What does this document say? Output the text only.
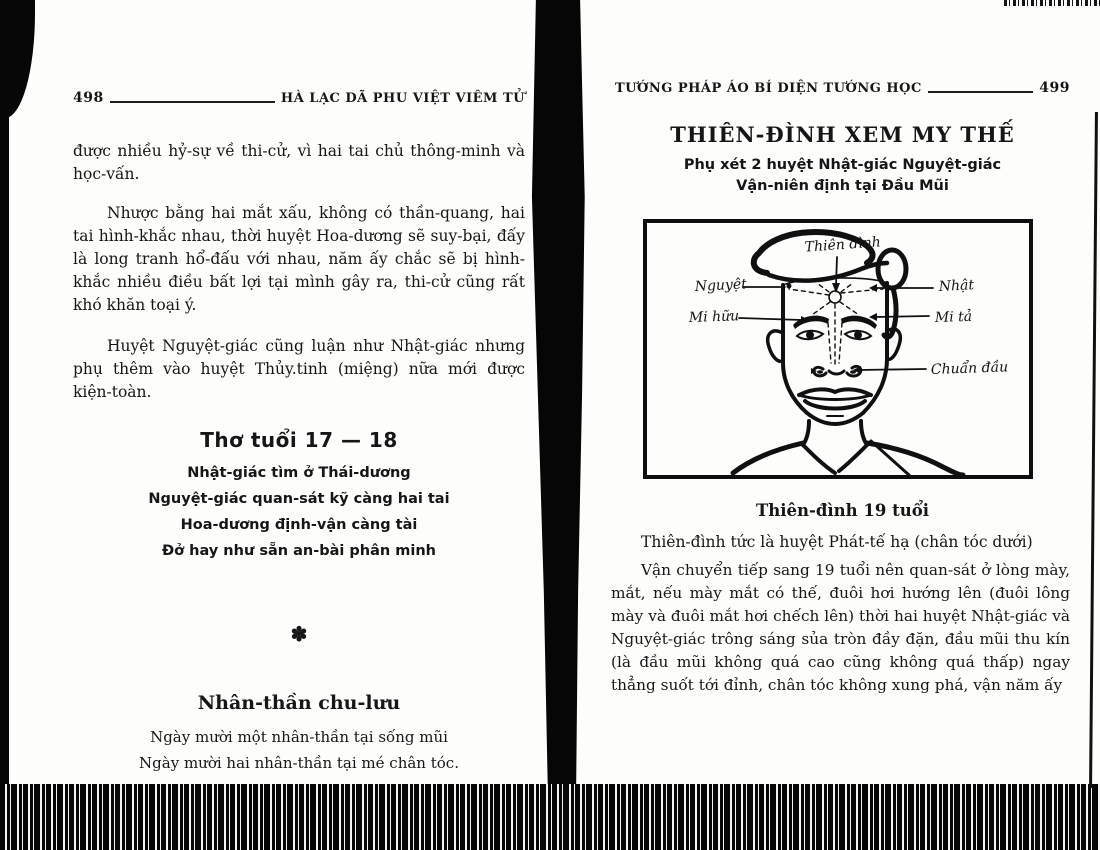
498	HÀ LẠC DÃ PHU VIỆT VIÊM TỬ

được nhiều hỷ-sự về thi-cử, vì hai tai chủ thông-minh và học-vấn.

Nhược bằng hai mắt xấu, không có thần-quang, hai tai hình-khắc nhau, thời huyệt Hoa-dương sẽ suy-bại, đấy là long tranh hổ-đấu với nhau, năm ấy chắc sẽ bị hình-khắc nhiều điều bất lợi tại mình gây ra, thi-cử cũng rất khó khăn toại ý.

Huyệt Nguyệt-giác cũng luận như Nhật-giác nhưng phụ thêm vào huyệt Thủy.tinh (miệng) nữa mới được kiện-toàn.

Thơ tuổi 17 — 18
Nhật-giác tìm ở Thái-dương
Nguyệt-giác quan-sát kỹ càng hai tai
Hoa-dương định-vận càng tài
Đở hay như sẵn an-bài phân minh
✽
Nhân-thần chu-lưu
Ngày mười một nhân-thần tại sống mũi
Ngày mười hai nhân-thần tại mé chân tóc.
TƯỚNG PHÁP ÁO BÍ DIỆN TƯỚNG HỌC	499
THIÊN-ĐÌNH XEM MY THẾ
Phụ xét 2 huyệt Nhật-giác Nguyệt-giác
Vận-niên định tại Đầu Mũi
Thiên đình
Nguyệt
Mi hữu
Nhật
Mi tả
Chuẩn đầu
Thiên-đình 19 tuổi
Thiên-đình tức là huyệt Phát-tế hạ (chân tóc dưới)

Vận chuyển tiếp sang 19 tuổi nên quan-sát ở lòng mày, mắt, nếu mày mắt có thế, đuôi hơi hướng lên (đuôi lông mày và đuôi mắt hơi chếch lên) thời hai huyệt Nhật-giác và Nguyệt-giác trông sáng sủa tròn đầy đặn, đầu mũi thu kín (là đầu mũi không quá cao cũng không quá thấp) ngay thẳng suốt tới đỉnh, chân tóc không xung phá, vận năm ấy
